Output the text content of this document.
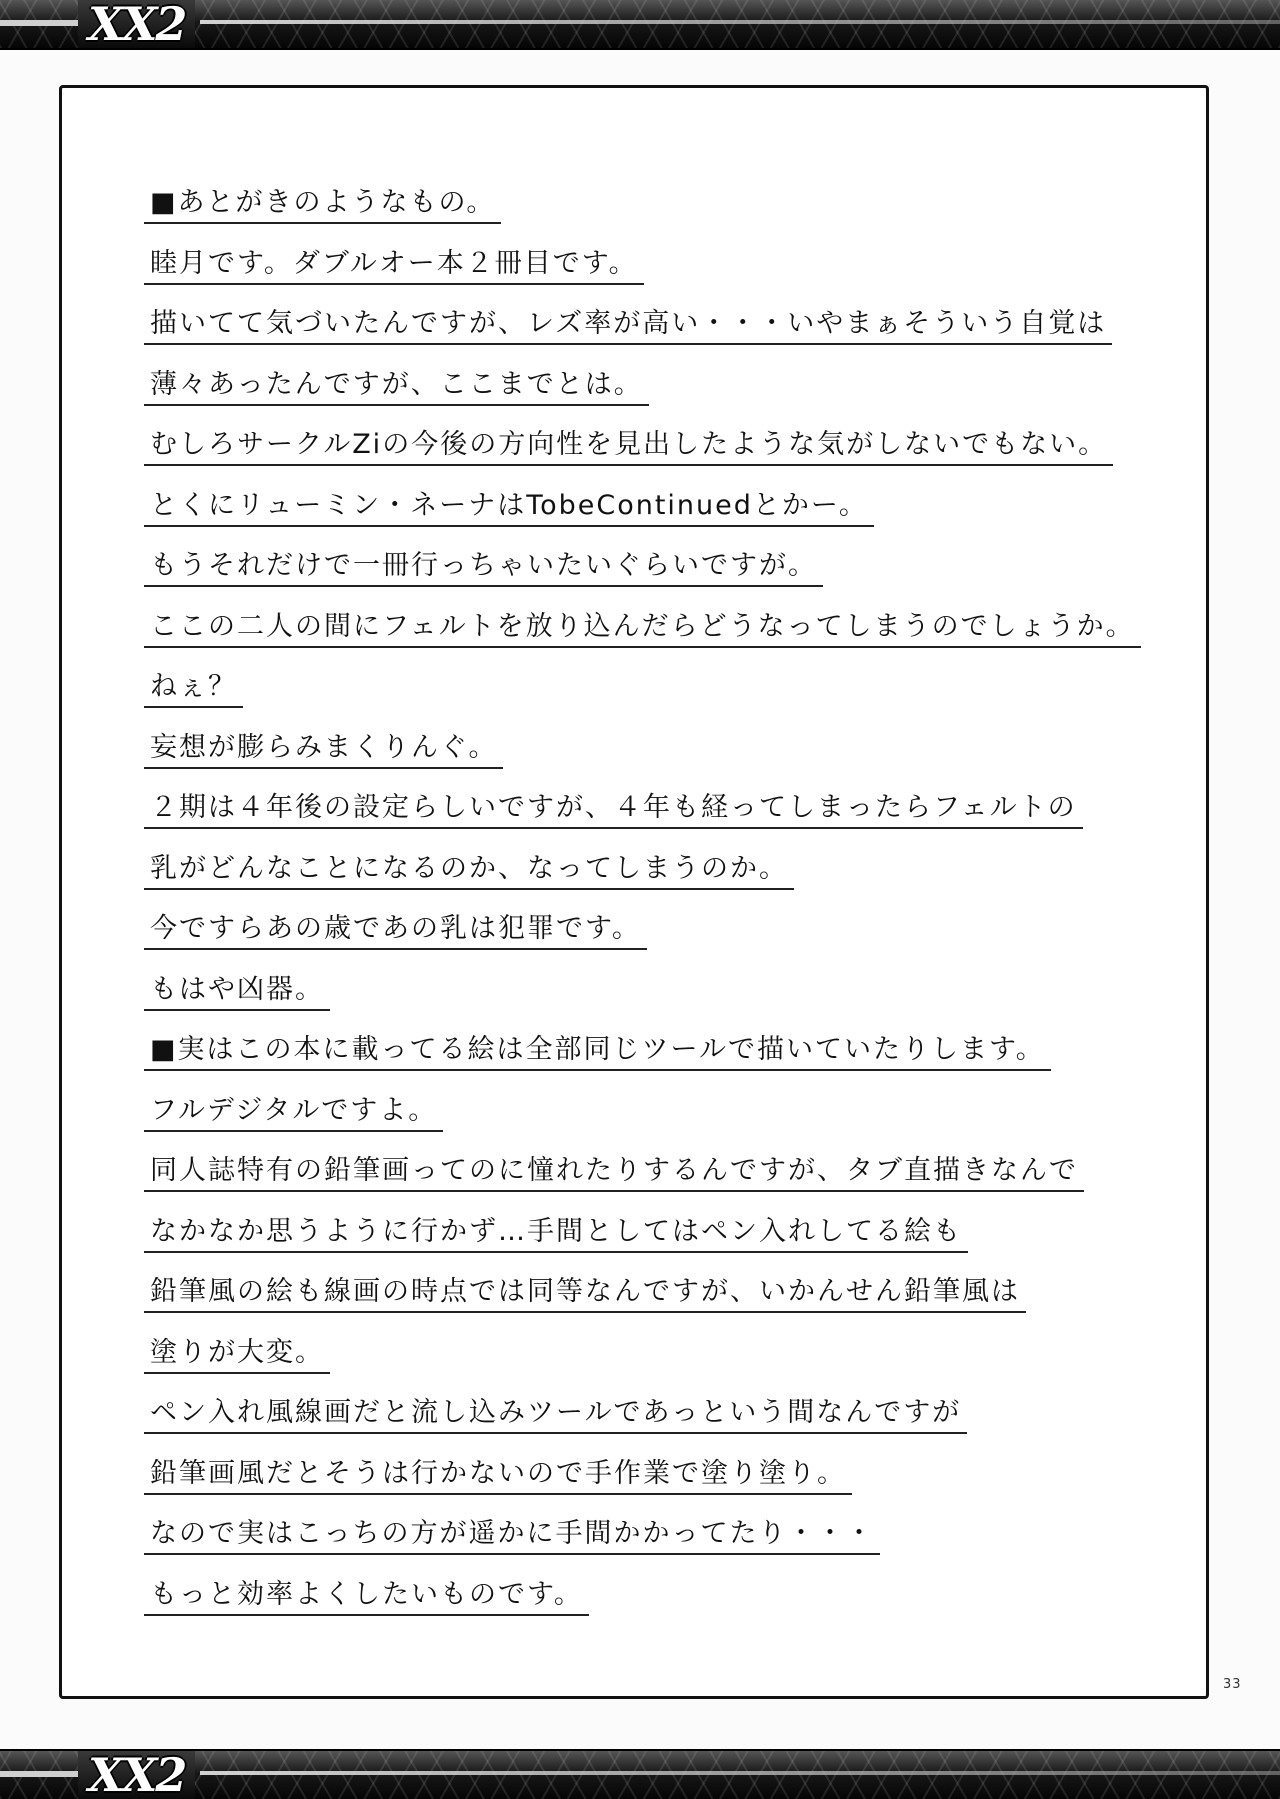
XX2
■あとがきのようなもの。
睦月です。ダブルオー本２冊目です。
描いてて気づいたんですが、レズ率が高い・・・いやまぁそういう自覚は
薄々あったんですが、ここまでとは。
むしろサークルZiの今後の方向性を見出したような気がしないでもない。
とくにリューミン・ネーナはTobeContinuedとかー。
もうそれだけで一冊行っちゃいたいぐらいですが。
ここの二人の間にフェルトを放り込んだらどうなってしまうのでしょうか。
ねぇ？
妄想が膨らみまくりんぐ。
２期は４年後の設定らしいですが、４年も経ってしまったらフェルトの
乳がどんなことになるのか、なってしまうのか。
今ですらあの歳であの乳は犯罪です。
もはや凶器。
■実はこの本に載ってる絵は全部同じツールで描いていたりします。
フルデジタルですよ。
同人誌特有の鉛筆画ってのに憧れたりするんですが、タブ直描きなんで
なかなか思うように行かず…手間としてはペン入れしてる絵も
鉛筆風の絵も線画の時点では同等なんですが、いかんせん鉛筆風は
塗りが大変。
ペン入れ風線画だと流し込みツールであっという間なんですが
鉛筆画風だとそうは行かないので手作業で塗り塗り。
なので実はこっちの方が遥かに手間かかってたり・・・
もっと効率よくしたいものです。
33
XX2
